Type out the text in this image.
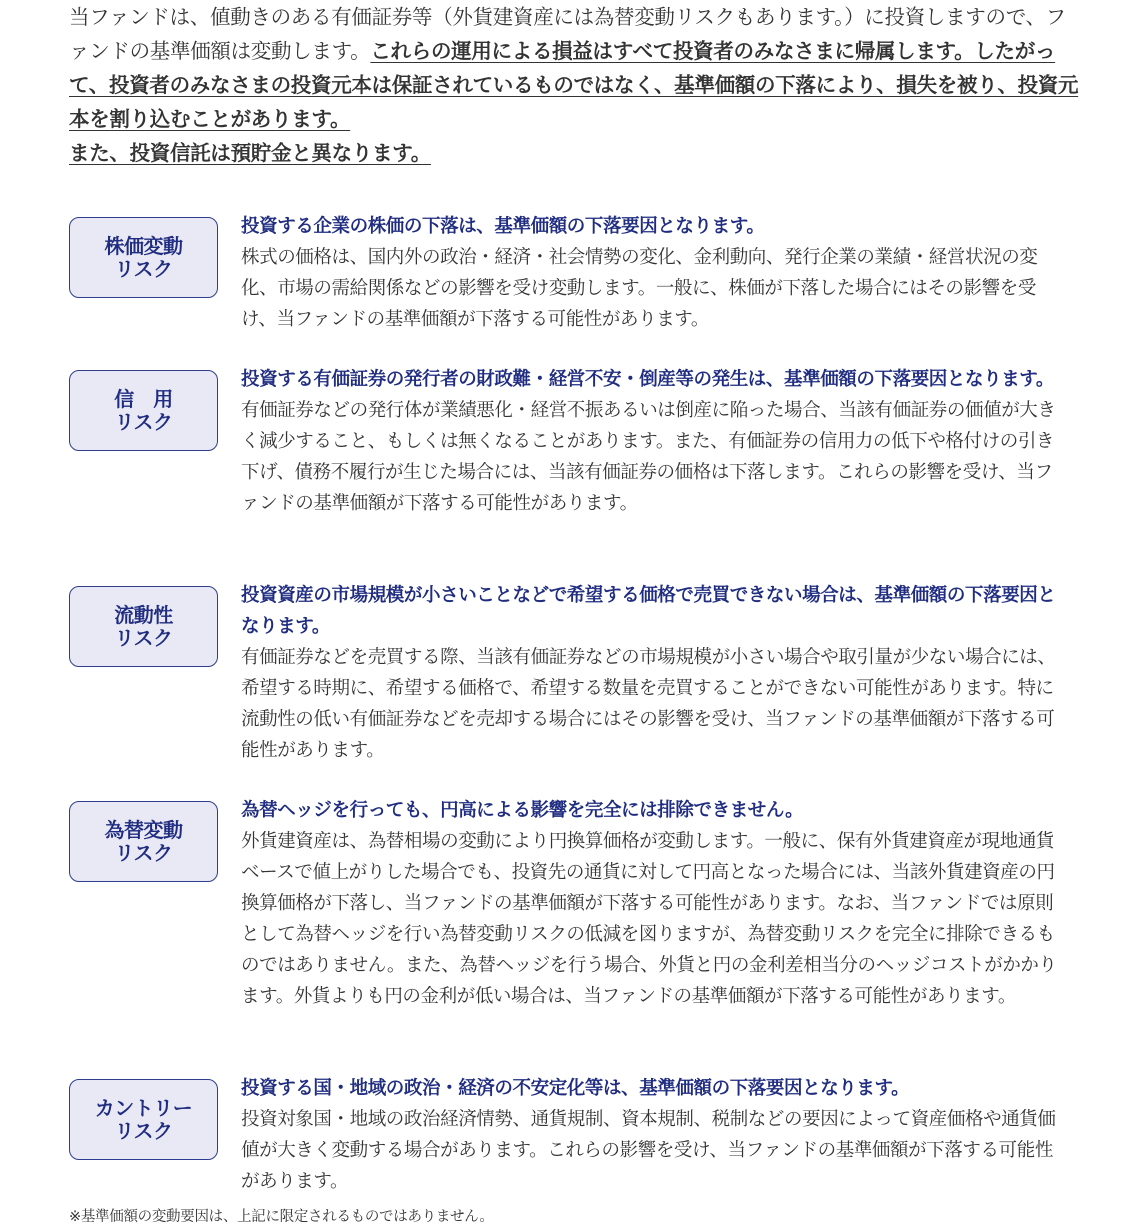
当ファンドは、値動きのある有価証券等（外貨建資産には為替変動リスクもあります。）に投資しますので、ファンドの基準価額は変動します。これらの運用による損益はすべて投資者のみなさまに帰属します。したがって、投資者のみなさまの投資元本は保証されているものではなく、基準価額の下落により、損失を被り、投資元本を割り込むことがあります。

また、投資信託は預貯金と異なります。

株価変動
リスク

投資する企業の株価の下落は、基準価額の下落要因となります。

株式の価格は、国内外の政治・経済・社会情勢の変化、金利動向、発行企業の業績・経営状況の変化、市場の需給関係などの影響を受け変動します。一般に、株価が下落した場合にはその影響を受け、当ファンドの基準価額が下落する可能性があります。

信　用
リスク

投資する有価証券の発行者の財政難・経営不安・倒産等の発生は、基準価額の下落要因となります。

有価証券などの発行体が業績悪化・経営不振あるいは倒産に陥った場合、当該有価証券の価値が大きく減少すること、もしくは無くなることがあります。また、有価証券の信用力の低下や格付けの引き下げ、債務不履行が生じた場合には、当該有価証券の価格は下落します。これらの影響を受け、当ファンドの基準価額が下落する可能性があります。

流動性
リスク

投資資産の市場規模が小さいことなどで希望する価格で売買できない場合は、基準価額の下落要因となります。

有価証券などを売買する際、当該有価証券などの市場規模が小さい場合や取引量が少ない場合には、希望する時期に、希望する価格で、希望する数量を売買することができない可能性があります。特に流動性の低い有価証券などを売却する場合にはその影響を受け、当ファンドの基準価額が下落する可能性があります。

為替変動
リスク

為替ヘッジを行っても、円高による影響を完全には排除できません。

外貨建資産は、為替相場の変動により円換算価格が変動します。一般に、保有外貨建資産が現地通貨ベースで値上がりした場合でも、投資先の通貨に対して円高となった場合には、当該外貨建資産の円換算価格が下落し、当ファンドの基準価額が下落する可能性があります。なお、当ファンドでは原則として為替ヘッジを行い為替変動リスクの低減を図りますが、為替変動リスクを完全に排除できるものではありません。また、為替ヘッジを行う場合、外貨と円の金利差相当分のヘッジコストがかかります。外貨よりも円の金利が低い場合は、当ファンドの基準価額が下落する可能性があります。

カントリー
リスク

投資する国・地域の政治・経済の不安定化等は、基準価額の下落要因となります。

投資対象国・地域の政治経済情勢、通貨規制、資本規制、税制などの要因によって資産価格や通貨価値が大きく変動する場合があります。これらの影響を受け、当ファンドの基準価額が下落する可能性があります。

※基準価額の変動要因は、上記に限定されるものではありません。
